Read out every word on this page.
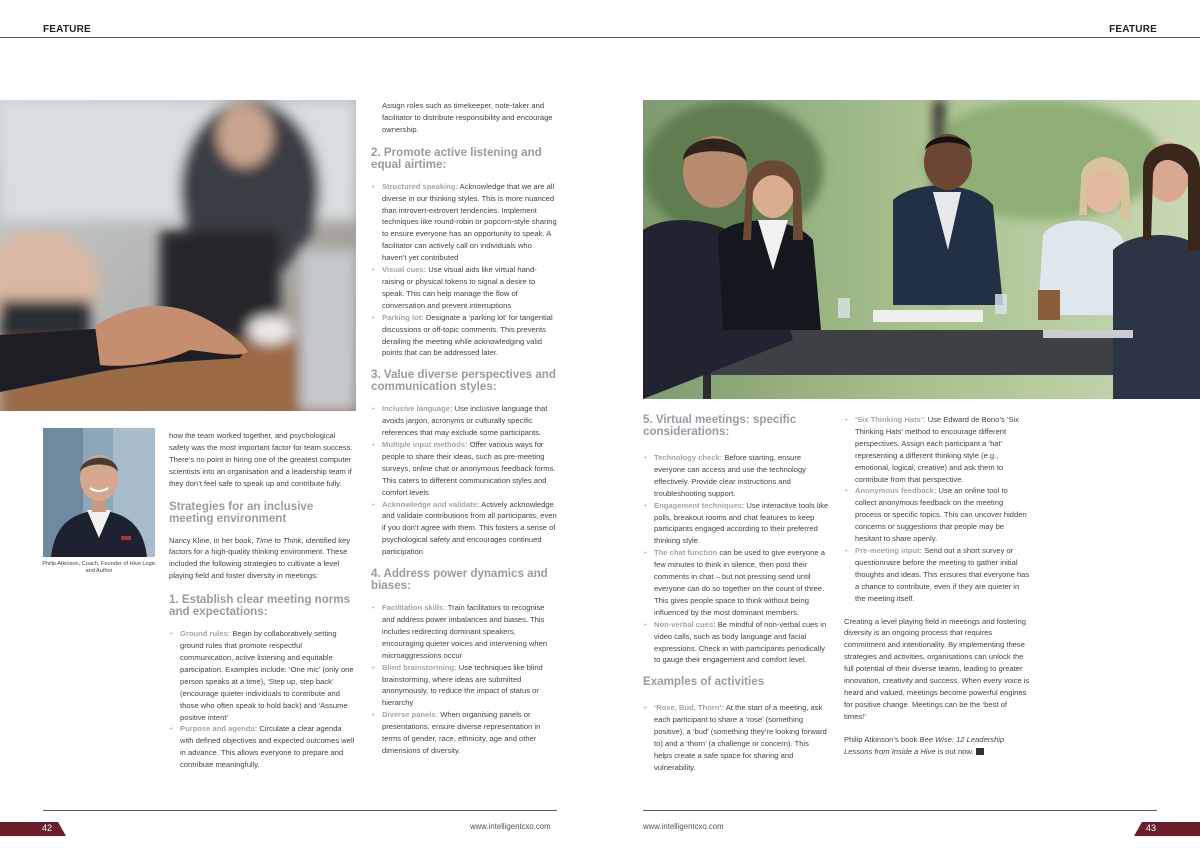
FEATURE	FEATURE
Philip Atkinson, Coach, Founder of Hive Logic and Author

how the team worked together, and psychological safety was the most important factor for team success. There’s no point in hiring one of the greatest computer scientists into an organisation and a leadership team if they don’t feel safe to speak up and contribute fully.

Strategies for an inclusive meeting environment

Nancy Kline, in her book, Time to Think, identified key factors for a high-quality thinking environment. These included the following strategies to cultivate a level playing field and foster diversity in meetings:

1. Establish clear meeting norms and expectations:
• Ground rules: Begin by collaboratively setting ground rules that promote respectful communication, active listening and equitable participation. Examples include: ‘One mic’ (only one person speaks at a time), ‘Step up, step back’ (encourage quieter individuals to contribute and those who often speak to hold back) and ‘Assume positive intent’
• Purpose and agenda: Circulate a clear agenda with defined objectives and expected outcomes well in advance. This allows everyone to prepare and contribute meaningfully.

Assign roles such as timekeeper, note-taker and facilitator to distribute responsibility and encourage ownership.

2. Promote active listening and equal airtime:
• Structured speaking: Acknowledge that we are all diverse in our thinking styles. This is more nuanced than introvert-extrovert tendencies. Implement techniques like round-robin or popcorn-style sharing to ensure everyone has an opportunity to speak. A facilitator can actively call on individuals who haven’t yet contributed
• Visual cues: Use visual aids like virtual hand-raising or physical tokens to signal a desire to speak. This can help manage the flow of conversation and prevent interruptions
• Parking lot: Designate a ‘parking lot’ for tangential discussions or off-topic comments. This prevents derailing the meeting while acknowledging valid points that can be addressed later.
3. Value diverse perspectives and communication styles:
• Inclusive language: Use inclusive language that avoids jargon, acronyms or culturally specific references that may exclude some participants.
• Multiple input methods: Offer various ways for people to share their ideas, such as pre-meeting surveys, online chat or anonymous feedback forms. This caters to different communication styles and comfort levels
• Acknowledge and validate: Actively acknowledge and validate contributions from all participants, even if you don’t agree with them. This fosters a sense of psychological safety and encourages continued participation
4. Address power dynamics and biases:
• Facilitation skills: Train facilitators to recognise and address power imbalances and biases. This includes redirecting dominant speakers, encouraging quieter voices and intervening when microaggressions occur
• Blind brainstorming: Use techniques like blind brainstorming, where ideas are submitted anonymously, to reduce the impact of status or hierarchy
• Diverse panels: When organising panels or presentations, ensure diverse representation in terms of gender, race, ethnicity, age and other dimensions of diversity.
5. Virtual meetings: specific considerations:
• Technology check: Before starting, ensure everyone can access and use the technology effectively. Provide clear instructions and troubleshooting support.
• Engagement techniques: Use interactive tools like polls, breakout rooms and chat features to keep participants engaged according to their preferred thinking style.
• The chat function can be used to give everyone a few minutes to think in silence, then post their comments in chat – but not pressing send until everyone can do so together on the count of three. This gives people space to think without being influenced by the most dominant members.
• Non-verbal cues: Be mindful of non-verbal cues in video calls, such as body language and facial expressions. Check in with participants periodically to gauge their engagement and comfort level.
Examples of activities
• ‘Rose, Bud, Thorn’: At the start of a meeting, ask each participant to share a ‘rose’ (something positive), a ‘bud’ (something they’re looking forward to) and a ‘thorn’ (a challenge or concern). This helps create a safe space for sharing and vulnerability.
• ‘Six Thinking Hats’: Use Edward de Bono’s ‘Six Thinking Hats’ method to encourage different perspectives. Assign each participant a ‘hat’ representing a different thinking style (e.g., emotional, logical, creative) and ask them to contribute from that perspective.
• Anonymous feedback: Use an online tool to collect anonymous feedback on the meeting process or specific topics. This can uncover hidden concerns or suggestions that people may be hesitant to share openly.
• Pre-meeting input: Send out a short survey or questionnaire before the meeting to gather initial thoughts and ideas. This ensures that everyone has a chance to contribute, even if they are quieter in the meeting itself.

Creating a level playing field in meetings and fostering diversity is an ongoing process that requires commitment and intentionality. By implementing these strategies and activities, organisations can unlock the full potential of their diverse teams, leading to greater innovation, creativity and success. When every voice is heard and valued, meetings become powerful engines for positive change. Meetings can be the ‘best of times!’

Philip Atkinson’s book Bee Wise: 12 Leadership Lessons from Inside a Hive is out now.

42	www.intelligentcxo.com	www.intelligentcxo.com	43
